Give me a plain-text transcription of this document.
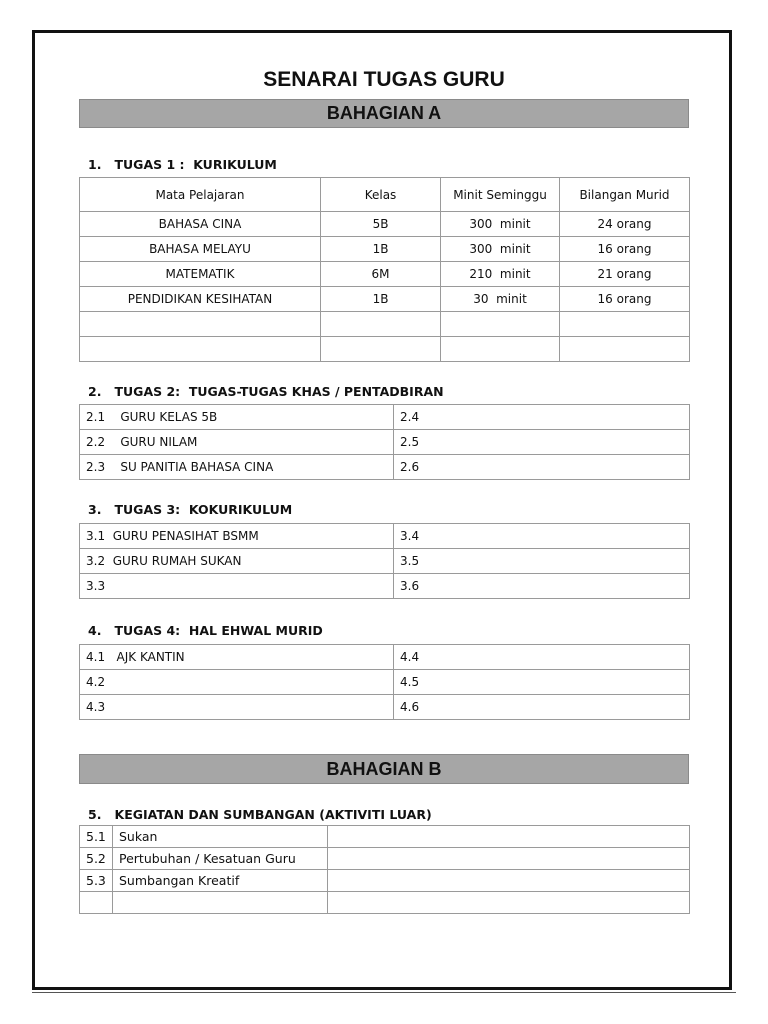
SENARAI TUGAS GURU
BAHAGIAN A
1.   TUGAS 1 :  KURIKULUM
Mata Pelajaran	Kelas	Minit Seminggu	Bilangan Murid
BAHASA CINA	5B	300  minit	24 orang
BAHASA MELAYU	1B	300  minit	16 orang
MATEMATIK	6M	210  minit	21 orang
PENDIDIKAN KESIHATAN	1B	30  minit	16 orang

2.   TUGAS 2:  TUGAS-TUGAS KHAS / PENTADBIRAN
2.1    GURU KELAS 5B	2.4
2.2    GURU NILAM	2.5
2.3    SU PANITIA BAHASA CINA	2.6
3.   TUGAS 3:  KOKURIKULUM
3.1  GURU PENASIHAT BSMM	3.4
3.2  GURU RUMAH SUKAN	3.5
3.3	3.6
4.   TUGAS 4:  HAL EHWAL MURID
4.1   AJK KANTIN	4.4
4.2	4.5
4.3	4.6
BAHAGIAN B
5.   KEGIATAN DAN SUMBANGAN (AKTIVITI LUAR)
5.1	Sukan	
5.2	Pertubuhan / Kesatuan Guru	
5.3	Sumbangan Kreatif	
